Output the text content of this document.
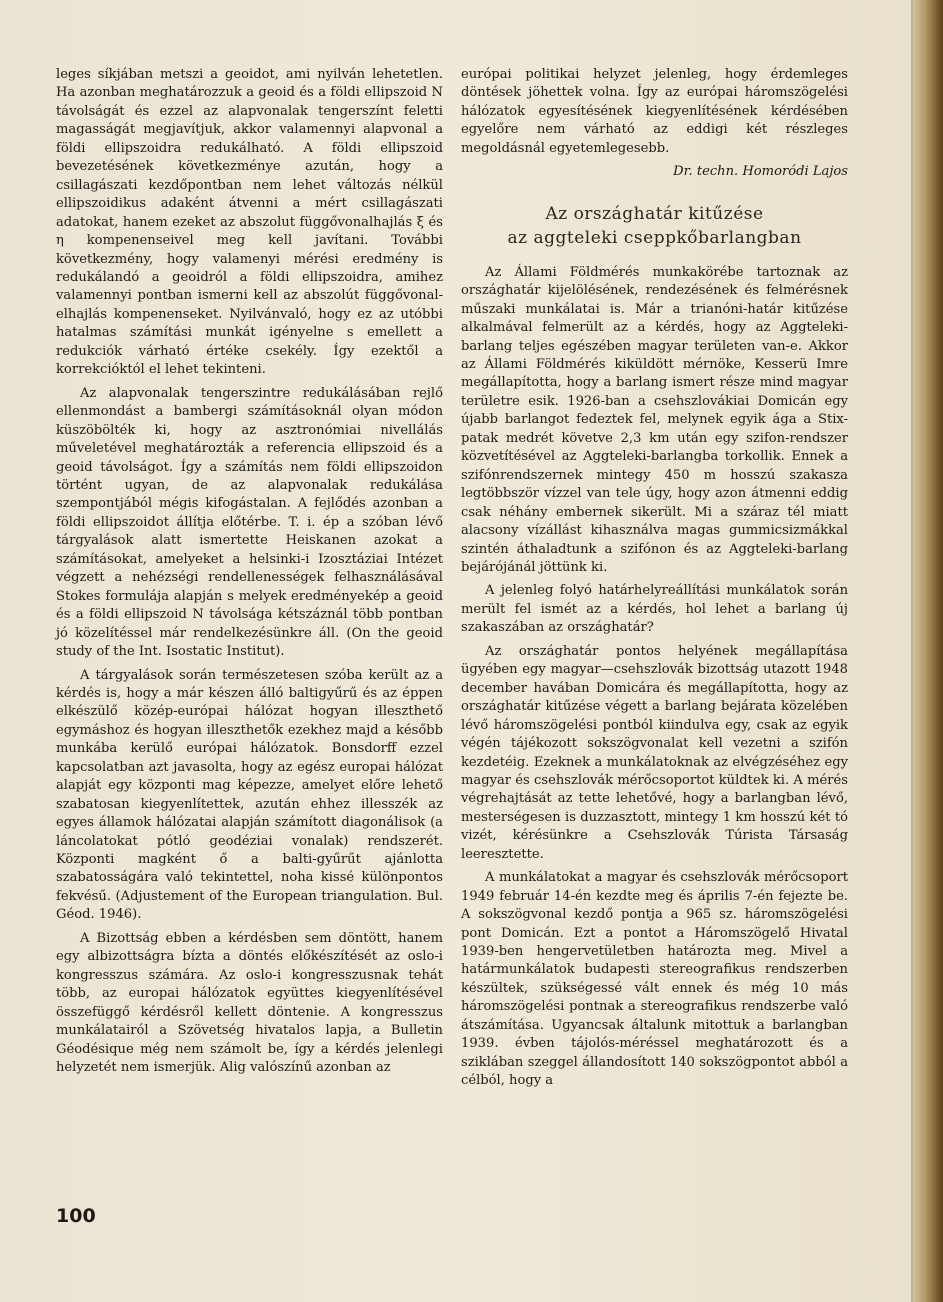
leges síkjában metszi a geoidot, ami nyilván lehetetlen. Ha azonban meghatározzuk a geoid és a földi ellipszoid N távolságát és ezzel az alapvonalak tengerszínt feletti magasságát megjavítjuk, akkor valamennyi alapvonal a földi ellipszoidra redukálható. A földi ellipszoid bevezetésének következménye azután, hogy a csillagászati kezdőpontban nem lehet változás nélkül ellipszoidikus adaként átvenni a mért csillagászati adatokat, hanem ezeket az abszolut függővonalhajlás ξ és η kompenenseivel meg kell javítani. További következmény, hogy valamenyi mérési eredmény is redukálandó a geoidról a földi ellipszoidra, amihez valamennyi pontban ismerni kell az abszolút függővonal-elhajlás kompenenseket. Nyilvánvaló, hogy ez az utóbbi hatalmas számítási munkát igényelne s emellett a redukciók várható értéke csekély. Így ezektől a korrekcióktól el lehet tekinteni.

Az alapvonalak tengerszintre redukálásában rejlő ellenmondást a bambergi számításoknál olyan módon küszöbölték ki, hogy az asztronómiai nivellálás műveletével meghatározták a referencia ellipszoid és a geoid távolságot. Így a számítás nem földi ellipszoidon történt ugyan, de az alapvonalak redukálása szempontjából mégis kifogástalan. A fejlődés azonban a földi ellipszoidot állítja előtérbe. T. i. ép a szóban lévő tárgyalások alatt ismertette Heiskanen azokat a számításokat, amelyeket a helsinki-i Izosztáziai Intézet végzett a nehézségi rendellenességek felhasználásával Stokes formulája alapján s melyek eredményekép a geoid és a földi ellipszoid N távolsága kétszáznál több pontban jó közelítéssel már rendelkezésünkre áll. (On the geoid study of the Int. Isostatic Institut).

A tárgyalások során természetesen szóba került az a kérdés is, hogy a már készen álló baltigyűrű és az éppen elkészülő közép-európai hálózat hogyan illeszthető egymáshoz és hogyan illeszthetők ezekhez majd a később munkába kerülő európai hálózatok. Bonsdorff ezzel kapcsolatban azt javasolta, hogy az egész europai hálózat alapját egy központi mag képezze, amelyet előre lehető szabatosan kiegyenlítettek, azután ehhez illesszék az egyes államok hálózatai alapján számított diagonálisok (a láncolatokat pótló geodéziai vonalak) rendszerét. Központi magként ő a balti-gyűrűt ajánlotta szabatosságára való tekintettel, noha kissé különpontos fekvésű. (Adjustement of the European triangulation. Bul. Géod. 1946).

A Bizottság ebben a kérdésben sem döntött, hanem egy albizottságra bízta a döntés előkészítését az oslo-i kongresszus számára. Az oslo-i kongresszusnak tehát több, az europai hálózatok együttes kiegyenlítésével összefüggő kérdésről kellett döntenie. A kongresszus munkálatairól a Szövetség hivatalos lapja, a Bulletin Géodésique még nem számolt be, így a kérdés jelenlegi helyzetét nem ismerjük. Alig valószínű azonban az

európai politikai helyzet jelenleg, hogy érdemleges döntések jöhettek volna. Így az európai háromszögelési hálózatok egyesítésének kiegyenlítésének kérdésében egyelőre nem várható az eddigi két részleges megoldásnál egyetemlegesebb.

Dr. techn. Homoródi Lajos
Az országhatár kitűzése
az aggteleki cseppkőbarlangban

Az Állami Földmérés munkakörébe tartoznak az országhatár kijelölésének, rendezésének és felmérésnek műszaki munkálatai is. Már a trianóni-határ kitűzése alkalmával felmerült az a kérdés, hogy az Aggteleki-barlang teljes egészében magyar területen van-e. Akkor az Állami Földmérés kiküldött mérnöke, Kesserü Imre megállapította, hogy a barlang ismert része mind magyar területre esik. 1926-ban a csehszlovákiai Domicán egy újabb barlangot fedeztek fel, melynek egyik ága a Stix-patak medrét követve 2,3 km után egy szifon-rendszer közvetítésével az Aggteleki-barlangba torkollik. Ennek a szifónrendszernek mintegy 450 m hosszú szakasza legtöbbször vízzel van tele úgy, hogy azon átmenni eddig csak néhány embernek sikerült. Mi a száraz tél miatt alacsony vízállást kihasználva magas gummicsizmákkal szintén áthaladtunk a szifónon és az Aggteleki-barlang bejárójánál jöttünk ki.

A jelenleg folyó határhelyreállítási munkálatok során merült fel ismét az a kérdés, hol lehet a barlang új szakaszában az országhatár?

Az országhatár pontos helyének megállapítása ügyében egy magyar—csehszlovák bizottság utazott 1948 december havában Domicára és megállapította, hogy az országhatár kitűzése végett a barlang bejárata közelében lévő háromszögelési pontból kiindulva egy, csak az egyik végén tájékozott sokszögvonalat kell vezetni a szifón kezdetéig. Ezeknek a munkálatoknak az elvégzéséhez egy magyar és csehszlovák mérőcsoportot küldtek ki. A mérés végrehajtását az tette lehetővé, hogy a barlangban lévő, mesterségesen is duzzasztott, mintegy 1 km hosszú két tó vizét, kérésünkre a Csehszlovák Túrista Társaság leeresztette.

A munkálatokat a magyar és csehszlovák mérőcsoport 1949 február 14-én kezdte meg és április 7-én fejezte be. A sokszögvonal kezdő pontja a 965 sz. háromszögelési pont Domicán. Ezt a pontot a Háromszögelő Hivatal 1939-ben hengervetületben határozta meg. Mivel a határmunkálatok budapesti stereografikus rendszerben készültek, szükségessé vált ennek és még 10 más háromszögelési pontnak a stereografikus rendszerbe való átszámítása. Ugyancsak általunk mitottuk a barlangban 1939. évben tájolós-méréssel meghatározott és a sziklában szeggel állandosított 140 sokszögpontot abból a célból, hogy a

100
